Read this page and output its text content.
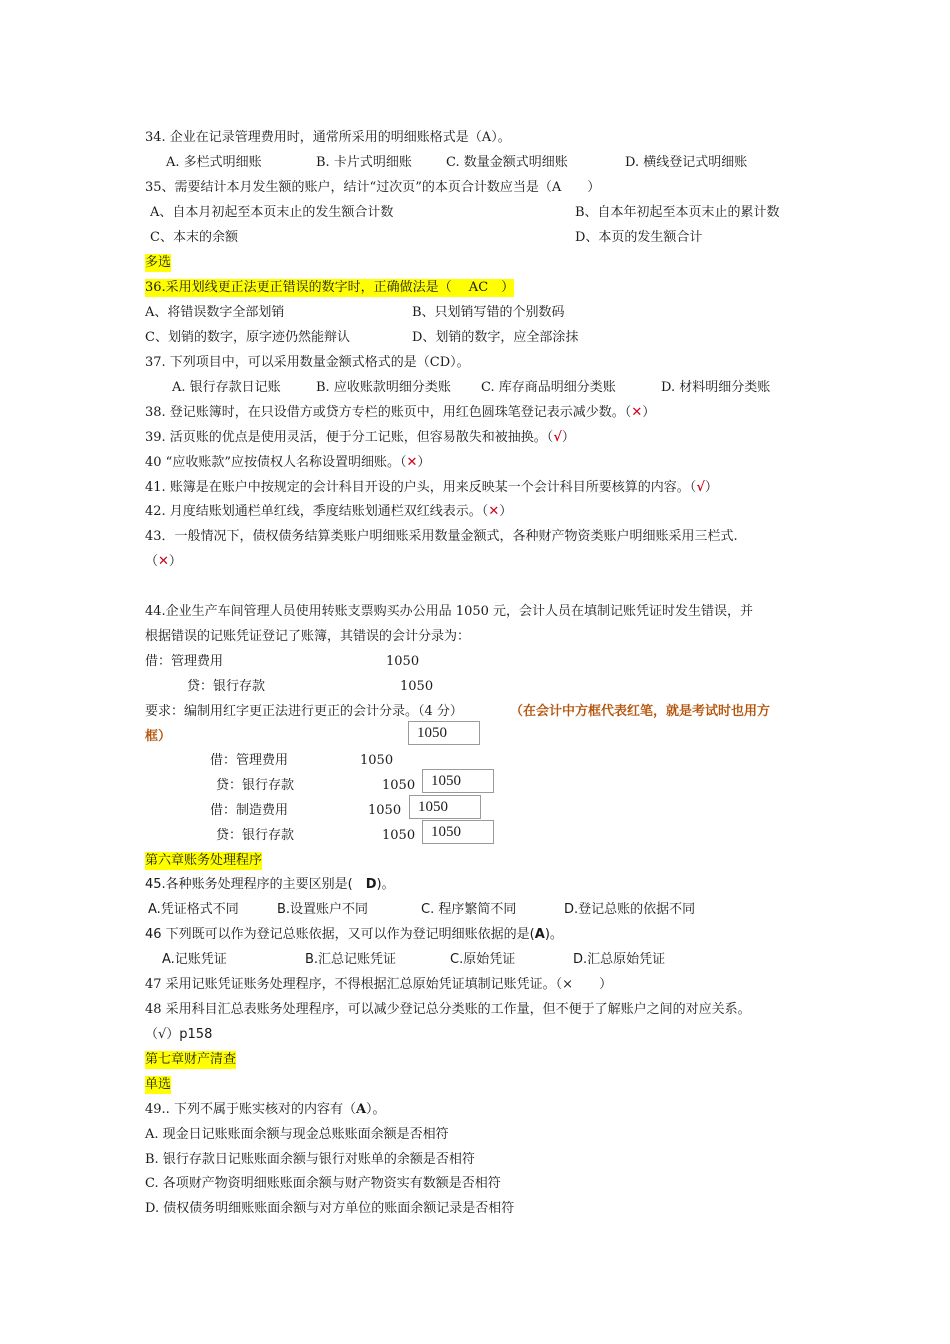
34. 企业在记录管理费用时，通常所采用的明细账格式是（A）。
A. 多栏式明细账	B. 卡片式明细账	C. 数量金额式明细账	D. 横线登记式明细账
35、需要结计本月发生额的账户，结计“过次页”的本页合计数应当是（A　　）
A、自本月初起至本页末止的发生额合计数	B、自本年初起至本页末止的累计数
C、本末的余额	D、本页的发生额合计
多选
36.采用划线更正法更正错误的数字时，正确做法是（　 AC　）
A、将错误数字全部划销	B、只划销写错的个别数码
C、划销的数字，原字迹仍然能辩认	D、划销的数字，应全部涂抹
37. 下列项目中，可以采用数量金额式格式的是（CD）。
A. 银行存款日记账	B. 应收账款明细分类账 C. 库存商品明细分类账	D. 材料明细分类账
38. 登记账簿时，在只设借方或贷方专栏的账页中，用红色圆珠笔登记表示减少数。（✕）
39. 活页账的优点是使用灵活，便于分工记账，但容易散失和被抽换。（√）
40 “应收账款”应按债权人名称设置明细账。（✕）
41. 账簿是在账户中按规定的会计科目开设的户头，用来反映某一个会计科目所要核算的内容。（√）
42. 月度结账划通栏单红线，季度结账划通栏双红线表示。（✕）
43．一般情况下，债权债务结算类账户明细账采用数量金额式，各种财产物资类账户明细账采用三栏式.
（✕）
44.企业生产车间管理人员使用转账支票购买办公用品 1050 元，会计人员在填制记账凭证时发生错误，并
根据错误的记账凭证登记了账簿，其错误的会计分录为：
借：管理费用	1050
贷：银行存款	1050
要求：编制用红字更正法进行更正的会计分录。（4 分）	（在会计中方框代表红笔，就是考试时也用方
框）	1050
借：管理费用	1050
贷：银行存款	1050	1050
借：制造费用	1050	1050
贷：银行存款	1050	1050
第六章账务处理程序
45.各种账务处理程序的主要区别是(　D)。
A.凭证格式不同	B.设置账户不同	C. 程序繁简不同	D.登记总账的依据不同
46 下列既可以作为登记总账依据，又可以作为登记明细账依据的是(A)。
A.记账凭证	B.汇总记账凭证	C.原始凭证	D.汇总原始凭证
47 采用记账凭证账务处理程序，不得根据汇总原始凭证填制记账凭证。（×　　）
48 采用科目汇总表账务处理程序，可以减少登记总分类账的工作量，但不便于了解账户之间的对应关系。
（√）p158
第七章财产清查
单选
49.. 下列不属于账实核对的内容有（A）。
A. 现金日记账账面余额与现金总账账面余额是否相符
B. 银行存款日记账账面余额与银行对账单的余额是否相符
C. 各项财产物资明细账账面余额与财产物资实有数额是否相符
D. 债权债务明细账账面余额与对方单位的账面余额记录是否相符
